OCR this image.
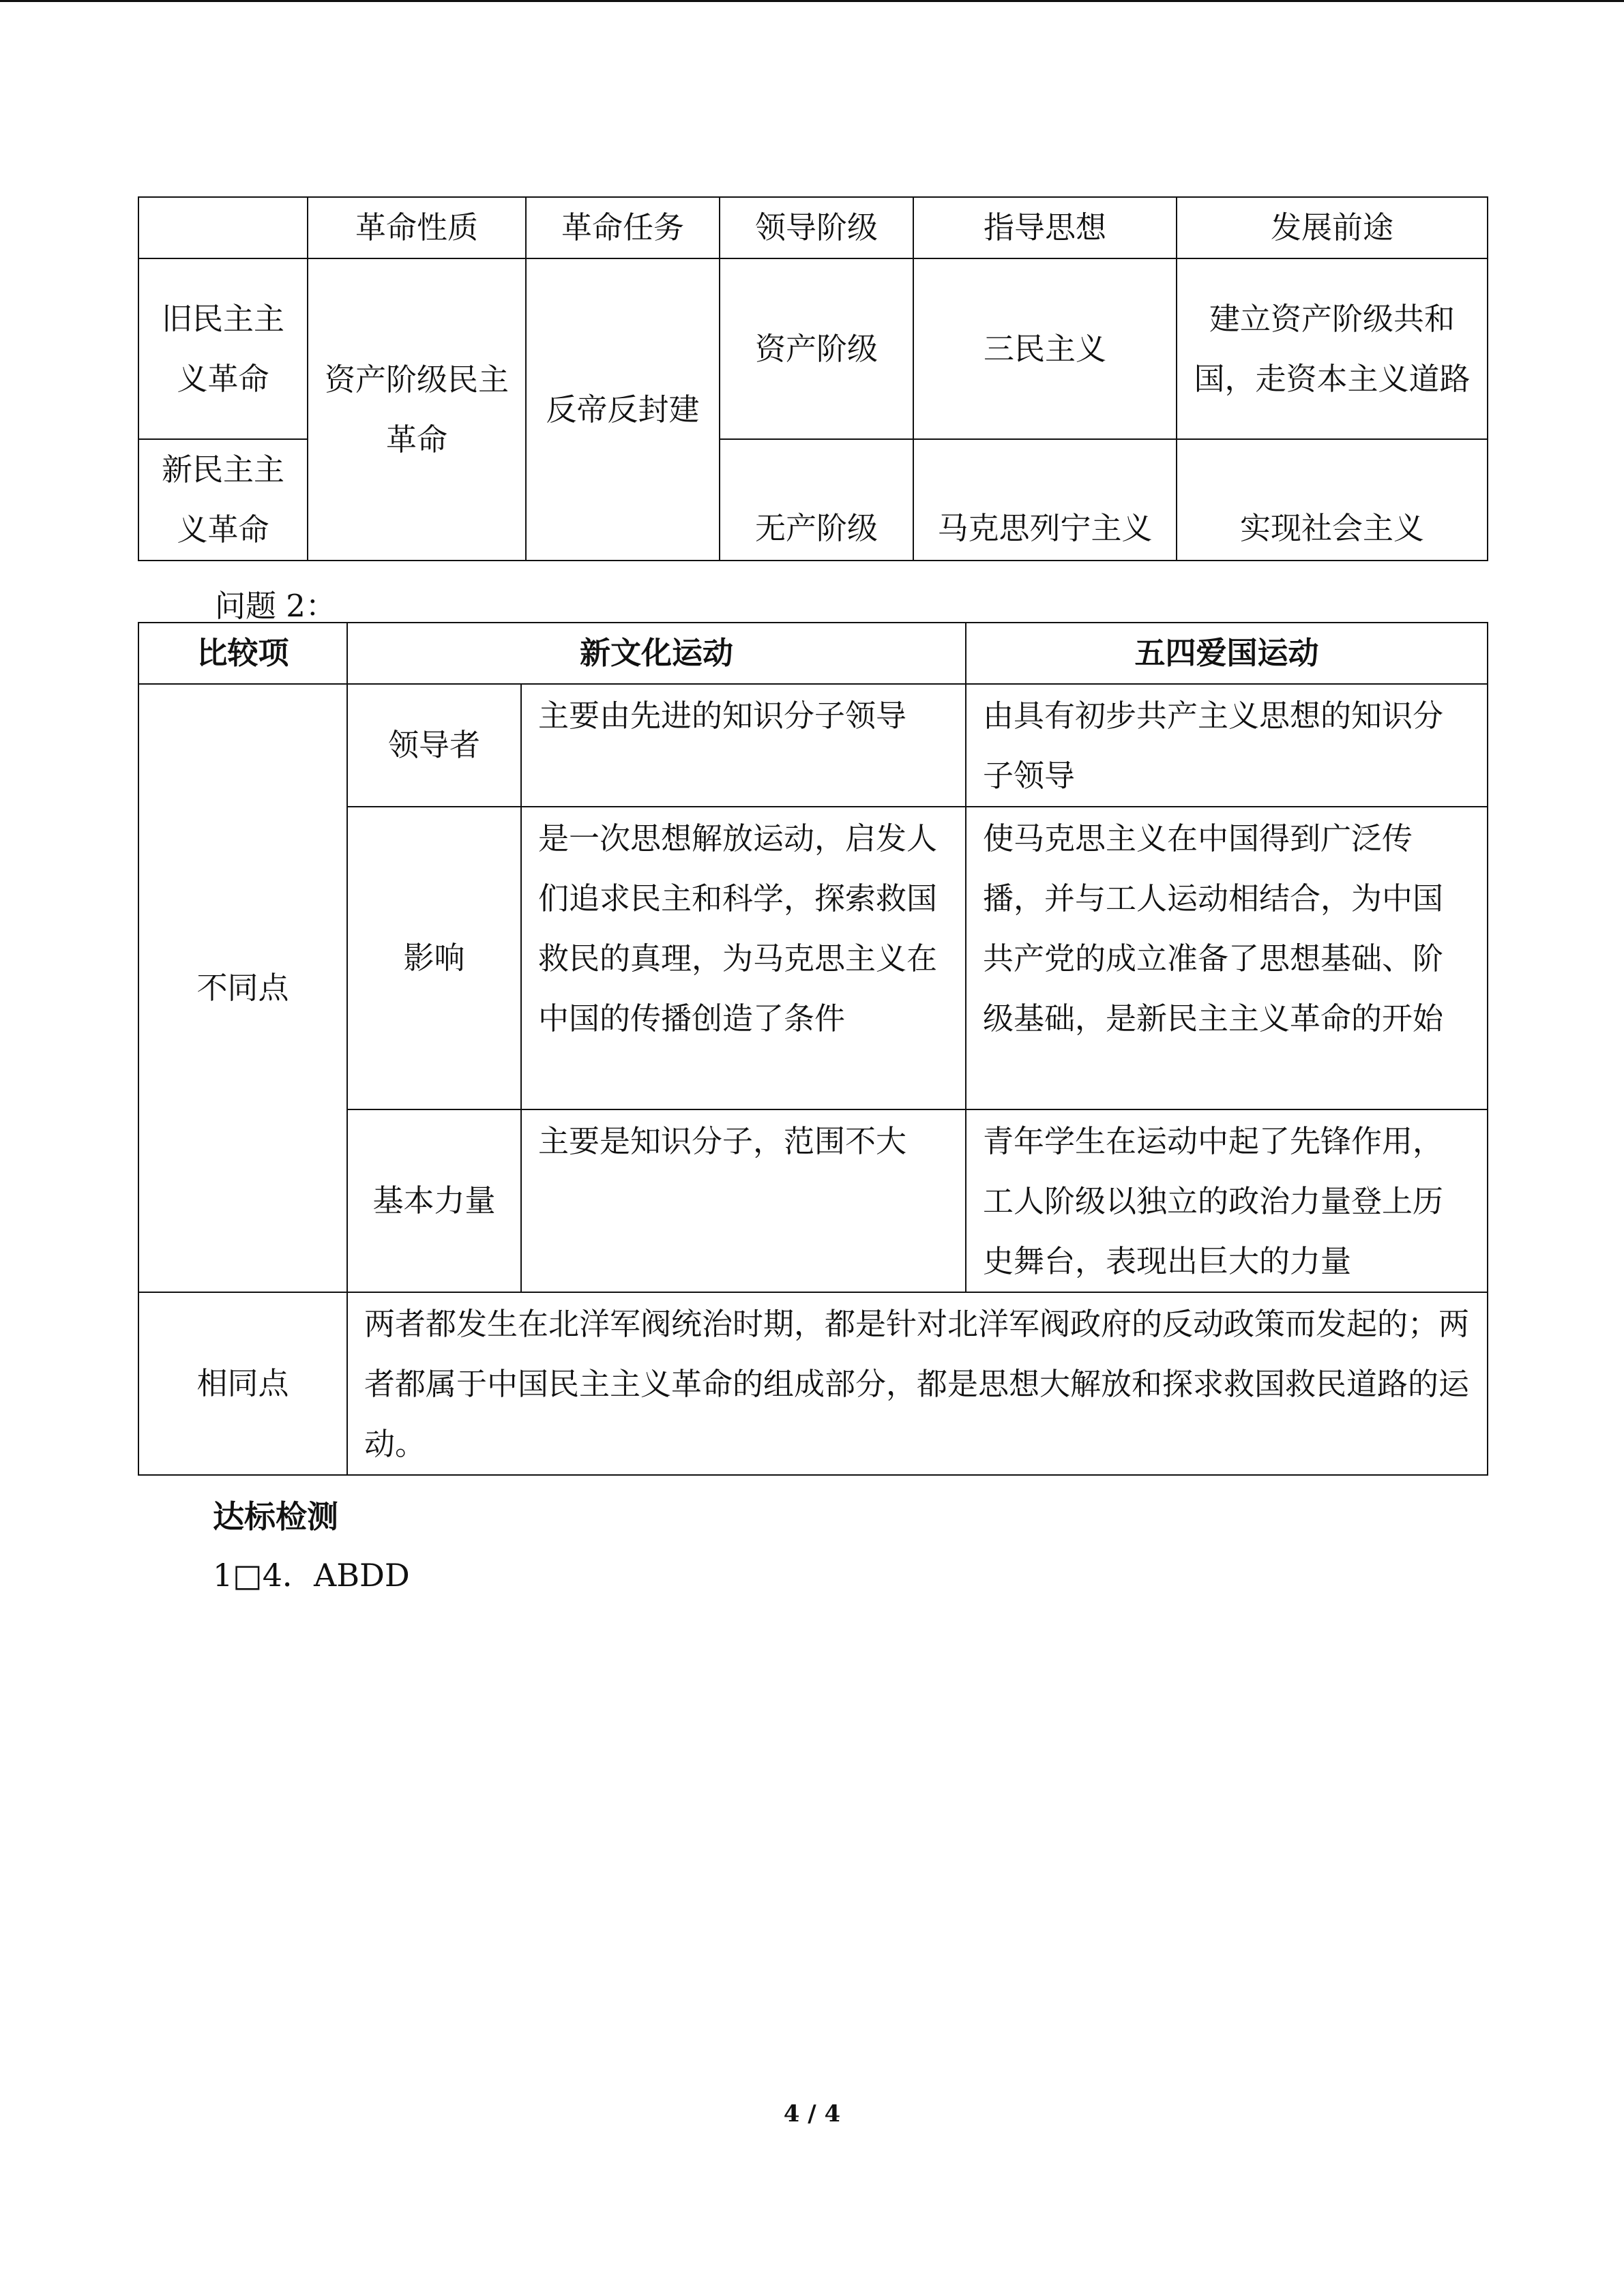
	革命性质	革命任务	领导阶级	指导思想	发展前途
旧民主主义革命	资产阶级民主革命	反帝反封建	资产阶级	三民主义	建立资产阶级共和国，走资本主义道路
新民主主义革命			无产阶级	马克思列宁主义	实现社会主义
问题 2：
比较项	新文化运动		五四爱国运动
不同点	领导者	主要由先进的知识分子领导	由具有初步共产主义思想的知识分子领导
	影响	是一次思想解放运动，启发人们追求民主和科学，探索救国救民的真理，为马克思主义在中国的传播创造了条件	使马克思主义在中国得到广泛传播，并与工人运动相结合，为中国共产党的成立准备了思想基础、阶级基础，是新民主主义革命的开始
	基本力量	主要是知识分子，范围不大	青年学生在运动中起了先锋作用，工人阶级以独立的政治力量登上历史舞台，表现出巨大的力量
相同点	两者都发生在北洋军阀统治时期，都是针对北洋军阀政府的反动政策而发起的；两者都属于中国民主主义革命的组成部分，都是思想大解放和探求救国救民道路的运动。		
达标检测
1□4．ABDD
4 / 4
